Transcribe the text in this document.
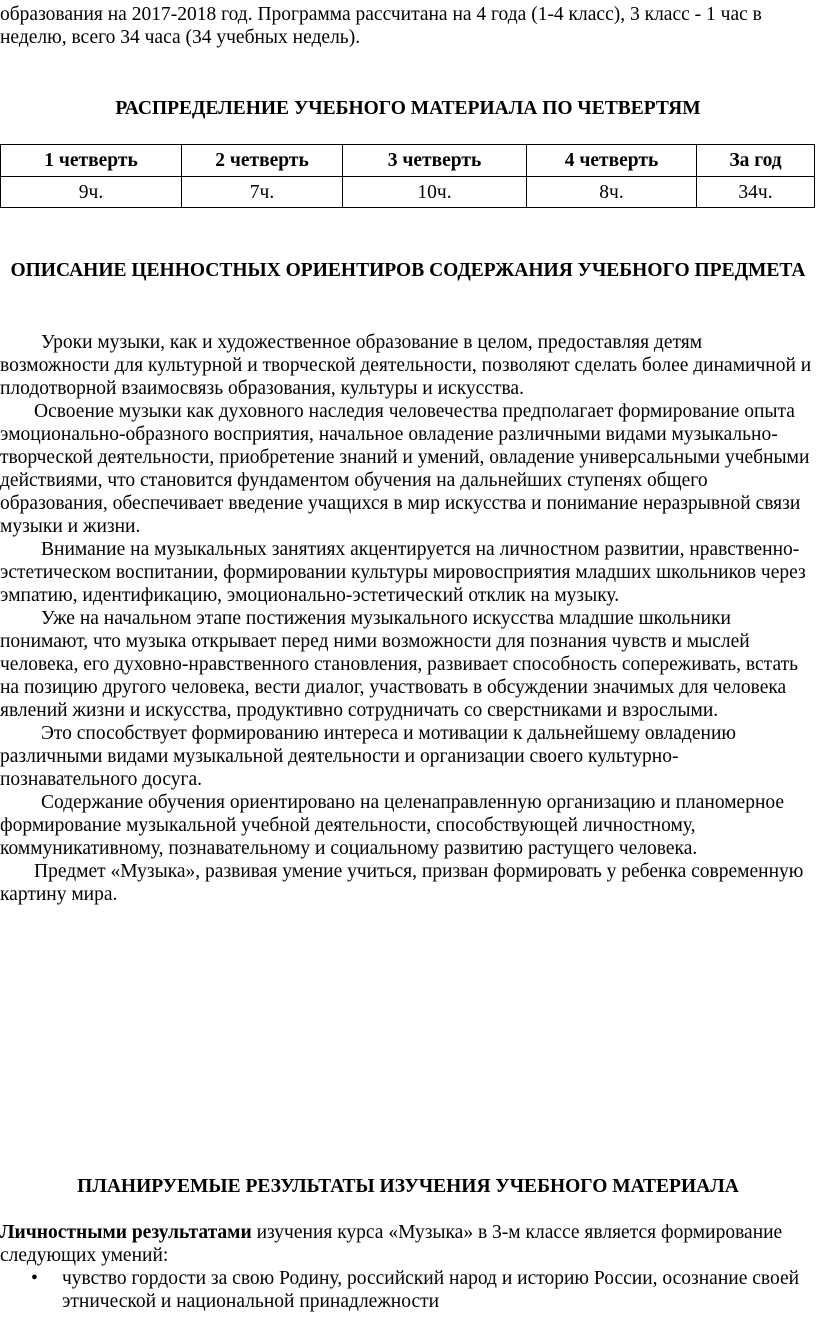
образования на 2017-2018 год. Программа рассчитана на 4 года (1-4 класс), 3 класс - 1 час в неделю, всего 34 часа (34 учебных недель).

РАСПРЕДЕЛЕНИЕ УЧЕБНОГО МАТЕРИАЛА ПО ЧЕТВЕРТЯМ
1 четверть	2 четверть	3 четверть	4 четверть	За год
9ч.	7ч.	10ч.	8ч.	34ч.
ОПИСАНИЕ ЦЕННОСТНЫХ ОРИЕНТИРОВ СОДЕРЖАНИЯ УЧЕБНОГО ПРЕДМЕТА

Уроки музыки, как и художественное образование в целом, предоставляя детям возможности для культурной и творческой деятельности, позволяют сделать более динамичной и плодотворной взаимосвязь образования, культуры и искусства.

Освоение музыки как духовного наследия человечества предполагает формирование опыта эмоционально-образного восприятия, начальное овладение различными видами музыкально- творческой деятельности, приобретение знаний и умений, овладение универсальными учебными действиями, что становится фундаментом обучения на дальнейших ступенях общего образования, обеспечивает введение учащихся в мир искусства и понимание неразрывной связи музыки и жизни.

Внимание на музыкальных занятиях акцентируется на личностном развитии, нравственно- эстетическом воспитании, формировании культуры мировосприятия младших школьников через эмпатию, идентификацию, эмоционально-эстетический отклик на музыку.

Уже на начальном этапе постижения музыкального искусства младшие школьники понимают, что музыка открывает перед ними возможности для познания чувств и мыслей человека, его духовно-нравственного становления, развивает способность сопереживать, встать на позицию другого человека, вести диалог, участвовать в обсуждении значимых для человека явлений жизни и искусства, продуктивно сотрудничать со сверстниками и взрослыми.

Это способствует формированию интереса и мотивации к дальнейшему овладению различными видами музыкальной деятельности и организации своего культурно-познавательного досуга.

Содержание обучения ориентировано на целенаправленную организацию и планомерное формирование музыкальной учебной деятельности, способствующей личностному, коммуникативному, познавательному и социальному развитию растущего человека.

Предмет «Музыка», развивая умение учиться, призван формировать у ребенка современную картину мира.

ПЛАНИРУЕМЫЕ РЕЗУЛЬТАТЫ ИЗУЧЕНИЯ УЧЕБНОГО МАТЕРИАЛА

Личностными результатами изучения курса «Музыка» в 3-м классе является формирование следующих умений:

• чувство гордости за свою Родину, российский народ и историю России, осознание своей этнической и национальной принадлежности
